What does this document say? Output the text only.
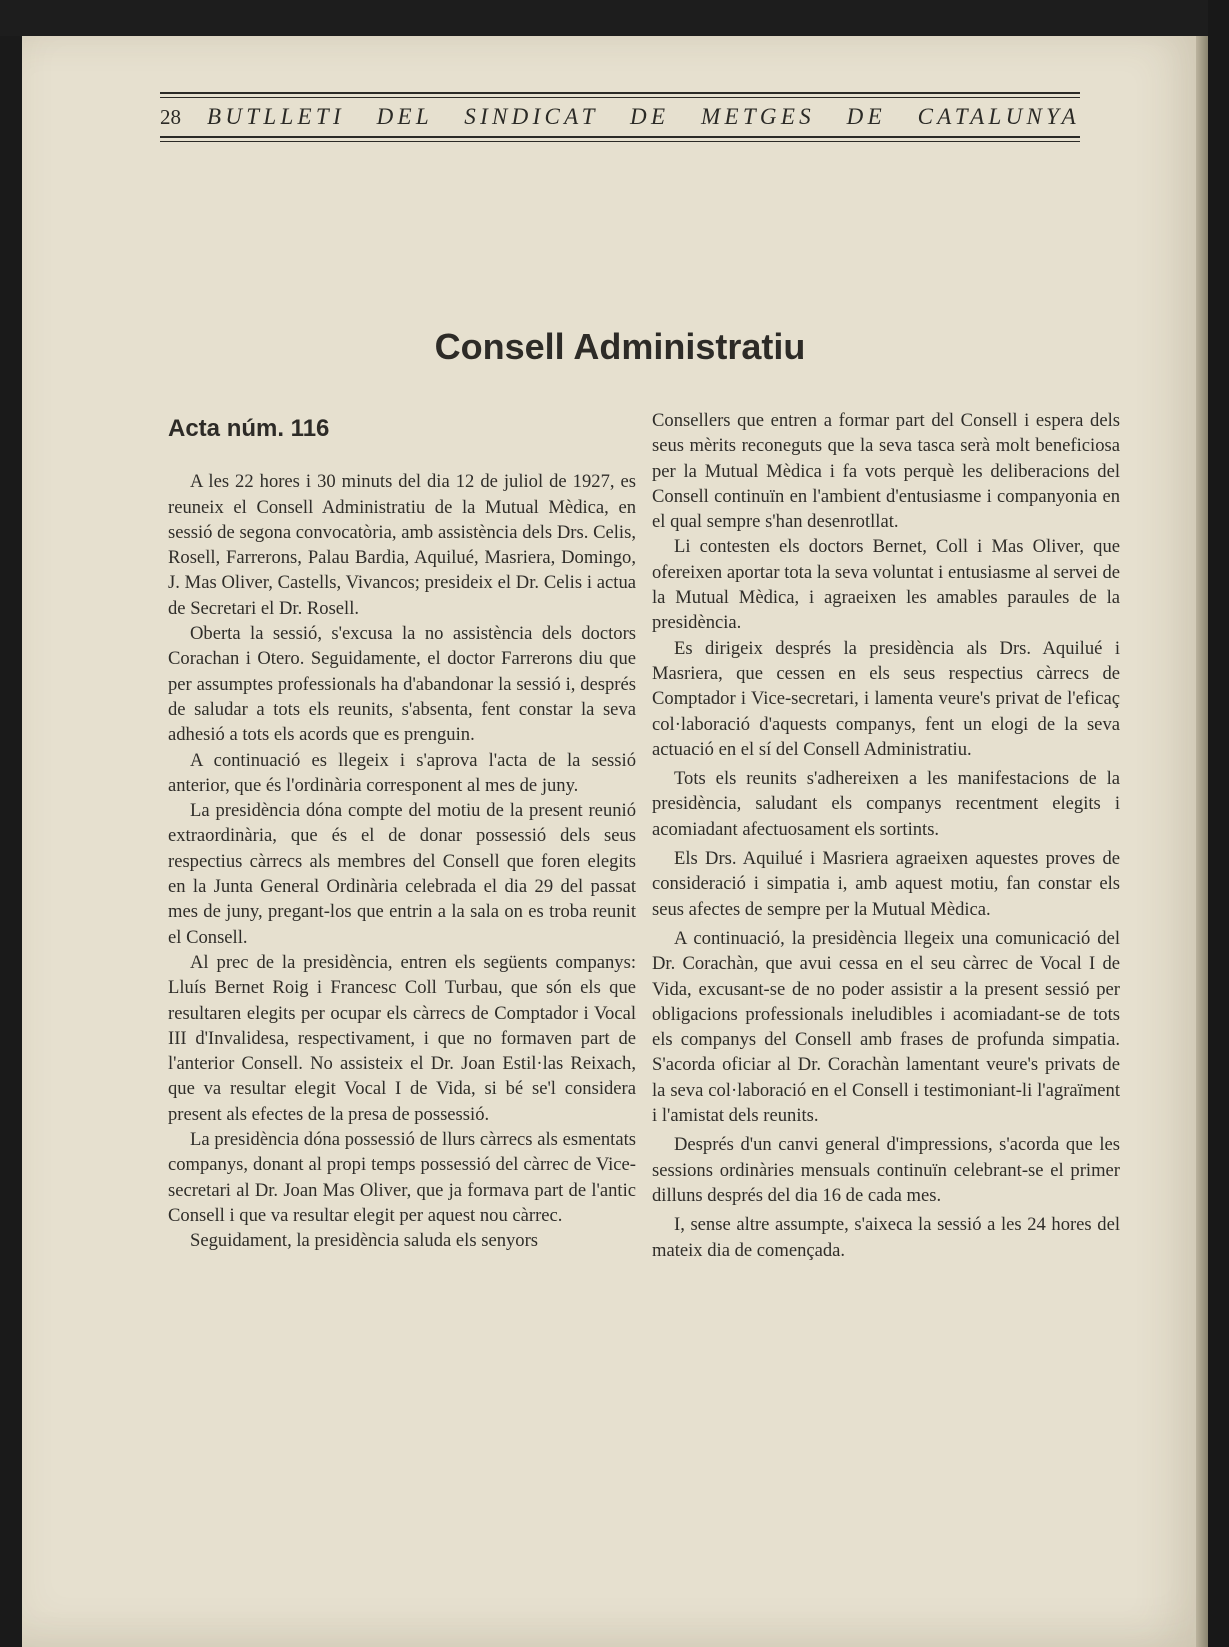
28 BUTLLETI DEL SINDICAT DE METGES DE CATALUNYA
Consell Administratiu
Acta núm. 116

A les 22 hores i 30 minuts del dia 12 de juliol de 1927, es reuneix el Consell Administratiu de la Mutual Mèdica, en sessió de segona convocatòria, amb assistència dels Drs. Celis, Rosell, Farrerons, Palau Bardia, Aquilué, Masriera, Domingo, J. Mas Oliver, Castells, Vivancos; presideix el Dr. Celis i actua de Secretari el Dr. Rosell.

Oberta la sessió, s'excusa la no assistència dels doctors Corachan i Otero. Seguidamente, el doctor Farrerons diu que per assumptes professionals ha d'abandonar la sessió i, després de saludar a tots els reunits, s'absenta, fent constar la seva adhesió a tots els acords que es prenguin.

A continuació es llegeix i s'aprova l'acta de la sessió anterior, que és l'ordinària corresponent al mes de juny.

La presidència dóna compte del motiu de la present reunió extraordinària, que és el de donar possessió dels seus respectius càrrecs als membres del Consell que foren elegits en la Junta General Ordinària celebrada el dia 29 del passat mes de juny, pregant-los que entrin a la sala on es troba reunit el Consell.

Al prec de la presidència, entren els següents companys: Lluís Bernet Roig i Francesc Coll Turbau, que són els que resultaren elegits per ocupar els càrrecs de Comptador i Vocal III d'Invalidesa, respectivament, i que no formaven part de l'anterior Consell. No assisteix el Dr. Joan Estil·las Reixach, que va resultar elegit Vocal I de Vida, si bé se'l considera present als efectes de la presa de possessió.

La presidència dóna possessió de llurs càrrecs als esmentats companys, donant al propi temps possessió del càrrec de Vice-secretari al Dr. Joan Mas Oliver, que ja formava part de l'antic Consell i que va resultar elegit per aquest nou càrrec.

Seguidament, la presidència saluda els senyors

Consellers que entren a formar part del Consell i espera dels seus mèrits reconeguts que la seva tasca serà molt beneficiosa per la Mutual Mèdica i fa vots perquè les deliberacions del Consell continuïn en l'ambient d'entusiasme i companyonia en el qual sempre s'han desenrotllat.

Li contesten els doctors Bernet, Coll i Mas Oliver, que ofereixen aportar tota la seva voluntat i entusiasme al servei de la Mutual Mèdica, i agraeixen les amables paraules de la presidència.

Es dirigeix després la presidència als Drs. Aquilué i Masriera, que cessen en els seus respectius càrrecs de Comptador i Vice-secretari, i lamenta veure's privat de l'eficaç col·laboració d'aquests companys, fent un elogi de la seva actuació en el sí del Consell Administratiu.

Tots els reunits s'adhereixen a les manifestacions de la presidència, saludant els companys recentment elegits i acomiadant afectuosament els sortints.

Els Drs. Aquilué i Masriera agraeixen aquestes proves de consideració i simpatia i, amb aquest motiu, fan constar els seus afectes de sempre per la Mutual Mèdica.

A continuació, la presidència llegeix una comunicació del Dr. Corachàn, que avui cessa en el seu càrrec de Vocal I de Vida, excusant-se de no poder assistir a la present sessió per obligacions professionals ineludibles i acomiadant-se de tots els companys del Consell amb frases de profunda simpatia. S'acorda oficiar al Dr. Corachàn lamentant veure's privats de la seva col·laboració en el Consell i testimoniant-li l'agraïment i l'amistat dels reunits.

Després d'un canvi general d'impressions, s'acorda que les sessions ordinàries mensuals continuïn celebrant-se el primer dilluns després del dia 16 de cada mes.

I, sense altre assumpte, s'aixeca la sessió a les 24 hores del mateix dia de començada.
